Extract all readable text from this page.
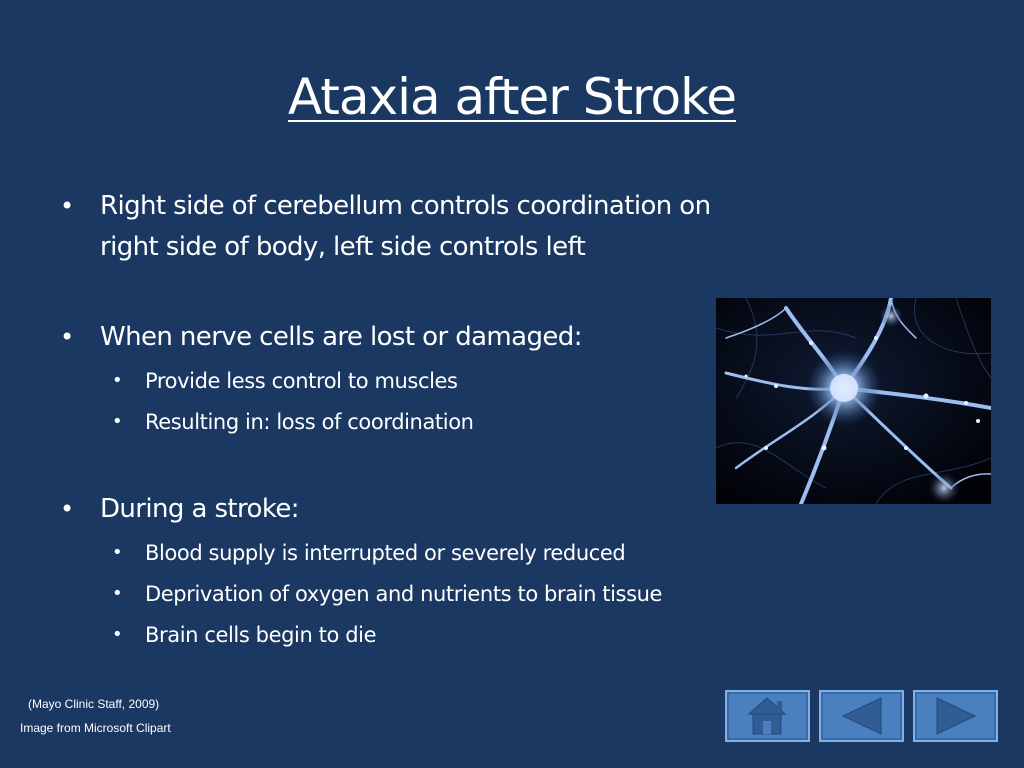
Ataxia after Stroke
• Right side of cerebellum controls coordination on
right side of body, left side controls left
• When nerve cells are lost or damaged:
• Provide less control to muscles
• Resulting in: loss of coordination
• During a stroke:
• Blood supply is interrupted or severely reduced
• Deprivation of oxygen and nutrients to brain tissue
• Brain cells begin to die
(Mayo Clinic Staff, 2009)
Image from Microsoft Clipart
